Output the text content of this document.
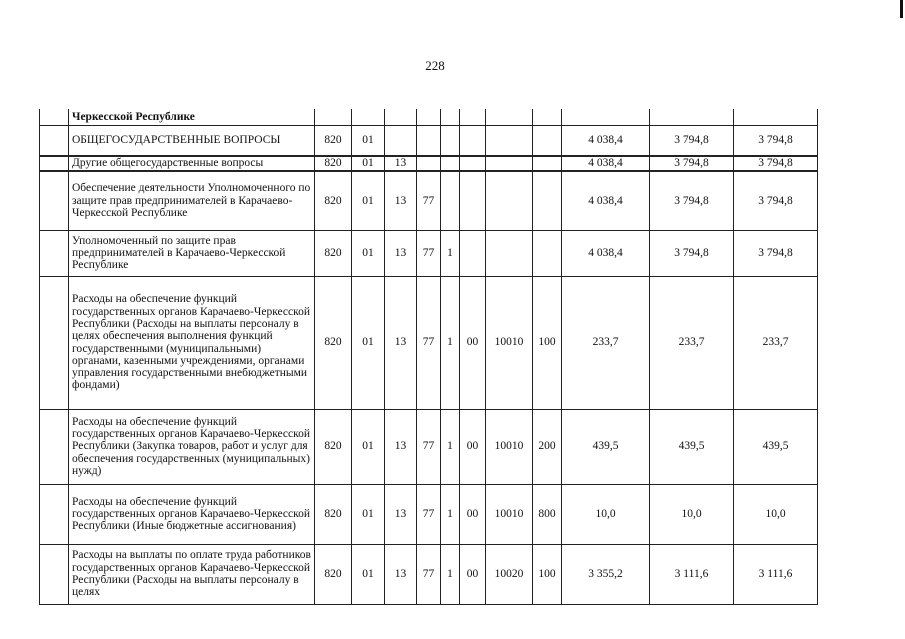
228
	Черкесской Республике											
	ОБЩЕГОСУДАРСТВЕННЫЕ ВОПРОСЫ	820	01							4 038,4	3 794,8	3 794,8
	Другие общегосударственные вопросы	820	01	13						4 038,4	3 794,8	3 794,8
	Обеспечение деятельности Уполномоченного по защите прав предпринимателей в Карачаево-Черкесской Республике	820	01	13	77					4 038,4	3 794,8	3 794,8
	Уполномоченный по защите прав предпринимателей в Карачаево-Черкесской Республике	820	01	13	77	1				4 038,4	3 794,8	3 794,8
	Расходы на обеспечение функций государственных органов Карачаево-Черкесской Республики (Расходы на выплаты персоналу в целях обеспечения выполнения функций государственными (муниципальными) органами, казенными учреждениями, органами управления государственными внебюджетными фондами)	820	01	13	77	1	00	10010	100	233,7	233,7	233,7
	Расходы на обеспечение функций государственных органов Карачаево-Черкесской Республики (Закупка товаров, работ и услуг для обеспечения государственных (муниципальных) нужд)	820	01	13	77	1	00	10010	200	439,5	439,5	439,5
	Расходы на обеспечение функций государственных органов Карачаево-Черкесской Республики (Иные бюджетные ассигнования)	820	01	13	77	1	00	10010	800	10,0	10,0	10,0
	Расходы на выплаты по оплате труда работников государственных органов Карачаево-Черкесской Республики (Расходы на выплаты персоналу в целях	820	01	13	77	1	00	10020	100	3 355,2	3 111,6	3 111,6
